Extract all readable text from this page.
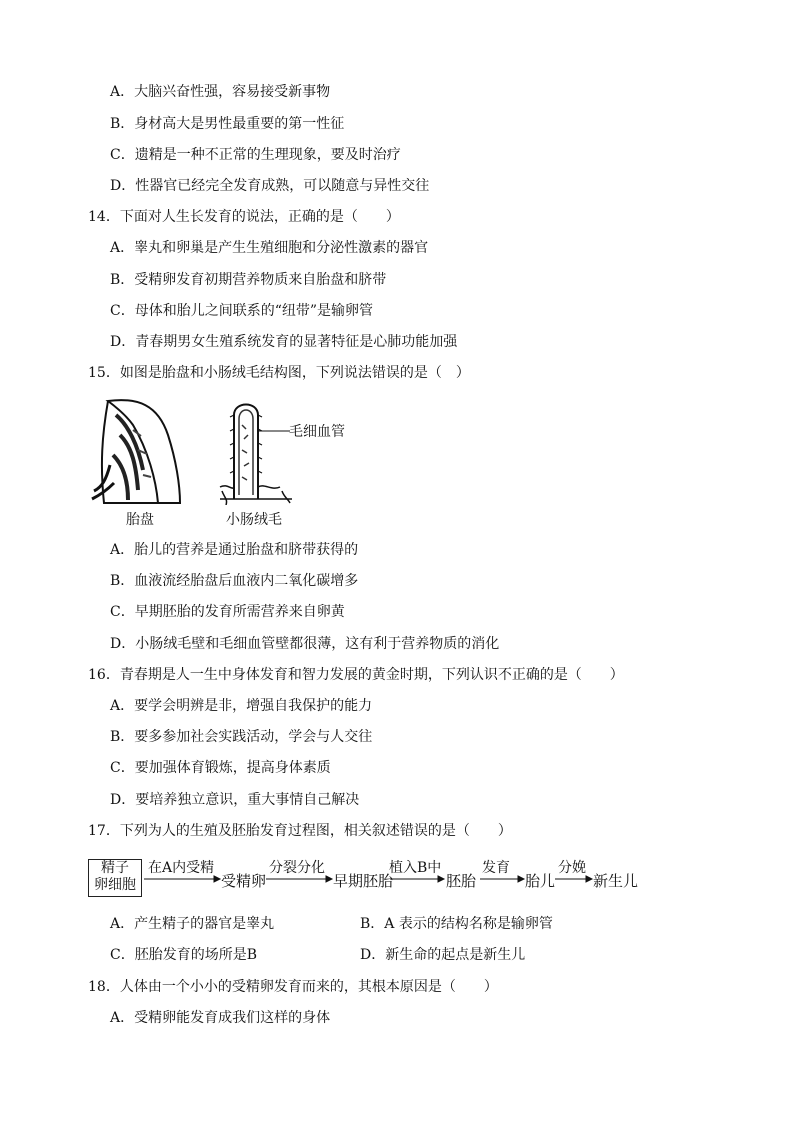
A．大脑兴奋性强，容易接受新事物
B．身材高大是男性最重要的第一性征
C．遗精是一种不正常的生理现象，要及时治疗
D．性器官已经完全发育成熟，可以随意与异性交往
14．下面对人生长发育的说法，正确的是（　　）
A．睾丸和卵巢是产生生殖细胞和分泌性激素的器官
B．受精卵发育初期营养物质来自胎盘和脐带
C．母体和胎儿之间联系的“纽带”是输卵管
D．青春期男女生殖系统发育的显著特征是心肺功能加强
15．如图是胎盘和小肠绒毛结构图，下列说法错误的是（　）
胎盘
毛细血管
小肠绒毛
A．胎儿的营养是通过胎盘和脐带获得的
B．血液流经胎盘后血液内二氧化碳增多
C．早期胚胎的发育所需营养来自卵黄
D．小肠绒毛壁和毛细血管壁都很薄，这有利于营养物质的消化
16．青春期是人一生中身体发育和智力发展的黄金时期，下列认识不正确的是（　　）
A．要学会明辨是非，增强自我保护的能力
B．要多参加社会实践活动，学会与人交往
C．要加强体育锻炼，提高身体素质
D．要培养独立意识，重大事情自己解决
17．下列为人的生殖及胚胎发育过程图，相关叙述错误的是（　　）
精子
卵细胞
在A内受精
受精卵
分裂分化
早期胚胎
植入B中
胚胎
发育
胎儿
分娩
新生儿
A．产生精子的器官是睾丸	B．A 表示的结构名称是输卵管
C．胚胎发育的场所是B	D．新生命的起点是新生儿
18．人体由一个小小的受精卵发育而来的，其根本原因是（　　）
A．受精卵能发育成我们这样的身体
